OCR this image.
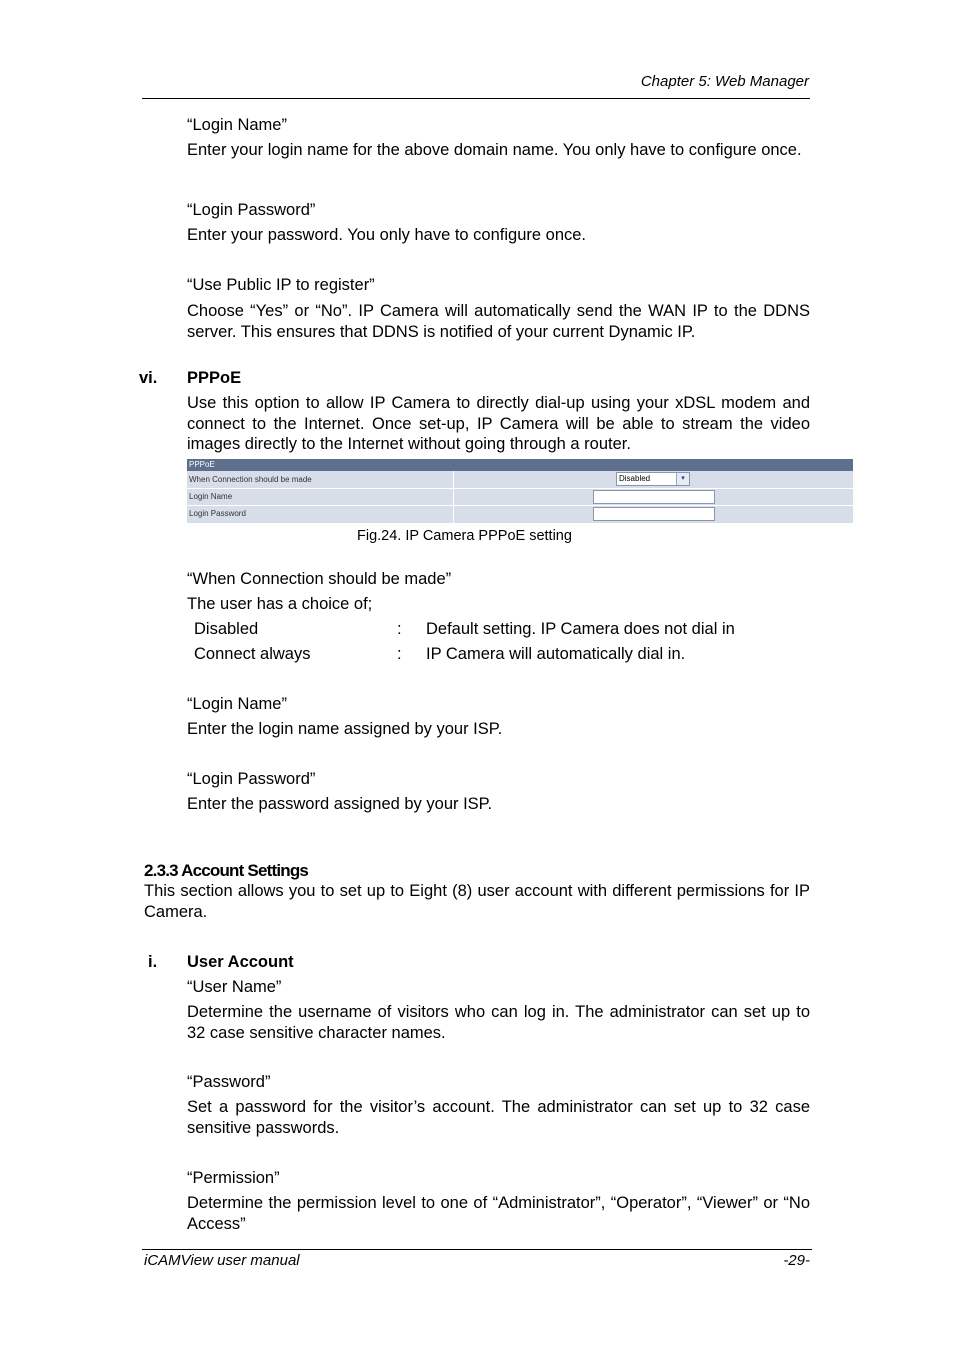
Chapter 5: Web Manager
“Login Name”
Enter your login name for the above domain name. You only have to configure once.
“Login Password”
Enter your password. You only have to configure once.
“Use Public IP to register”
Choose “Yes” or “No”. IP Camera will automatically send the WAN IP to the DDNS server. This ensures that DDNS is notified of your current Dynamic IP.
vi. PPPoE
Use this option to allow IP Camera to directly dial-up using your xDSL modem and connect to the Internet. Once set-up, IP Camera will be able to stream the video images directly to the Internet without going through a router.
PPPoE
When Connection should be made	Disabled	▾
Login Name
Login Password
Fig.24. IP Camera PPPoE setting
“When Connection should be made”
The user has a choice of;
Disabled	: Default setting. IP Camera does not dial in
Connect always	: IP Camera will automatically dial in.
“Login Name”
Enter the login name assigned by your ISP.
“Login Password”
Enter the password assigned by your ISP.
2.3.3 Account Settings
This section allows you to set up to Eight (8) user account with different permissions for IP Camera.
i. User Account
“User Name”
Determine the username of visitors who can log in. The administrator can set up to 32 case sensitive character names.
“Password”
Set a password for the visitor’s account. The administrator can set up to 32 case sensitive passwords.
“Permission”
Determine the permission level to one of “Administrator”, “Operator”, “Viewer” or “No Access”
iCAMView user manual	-29-
